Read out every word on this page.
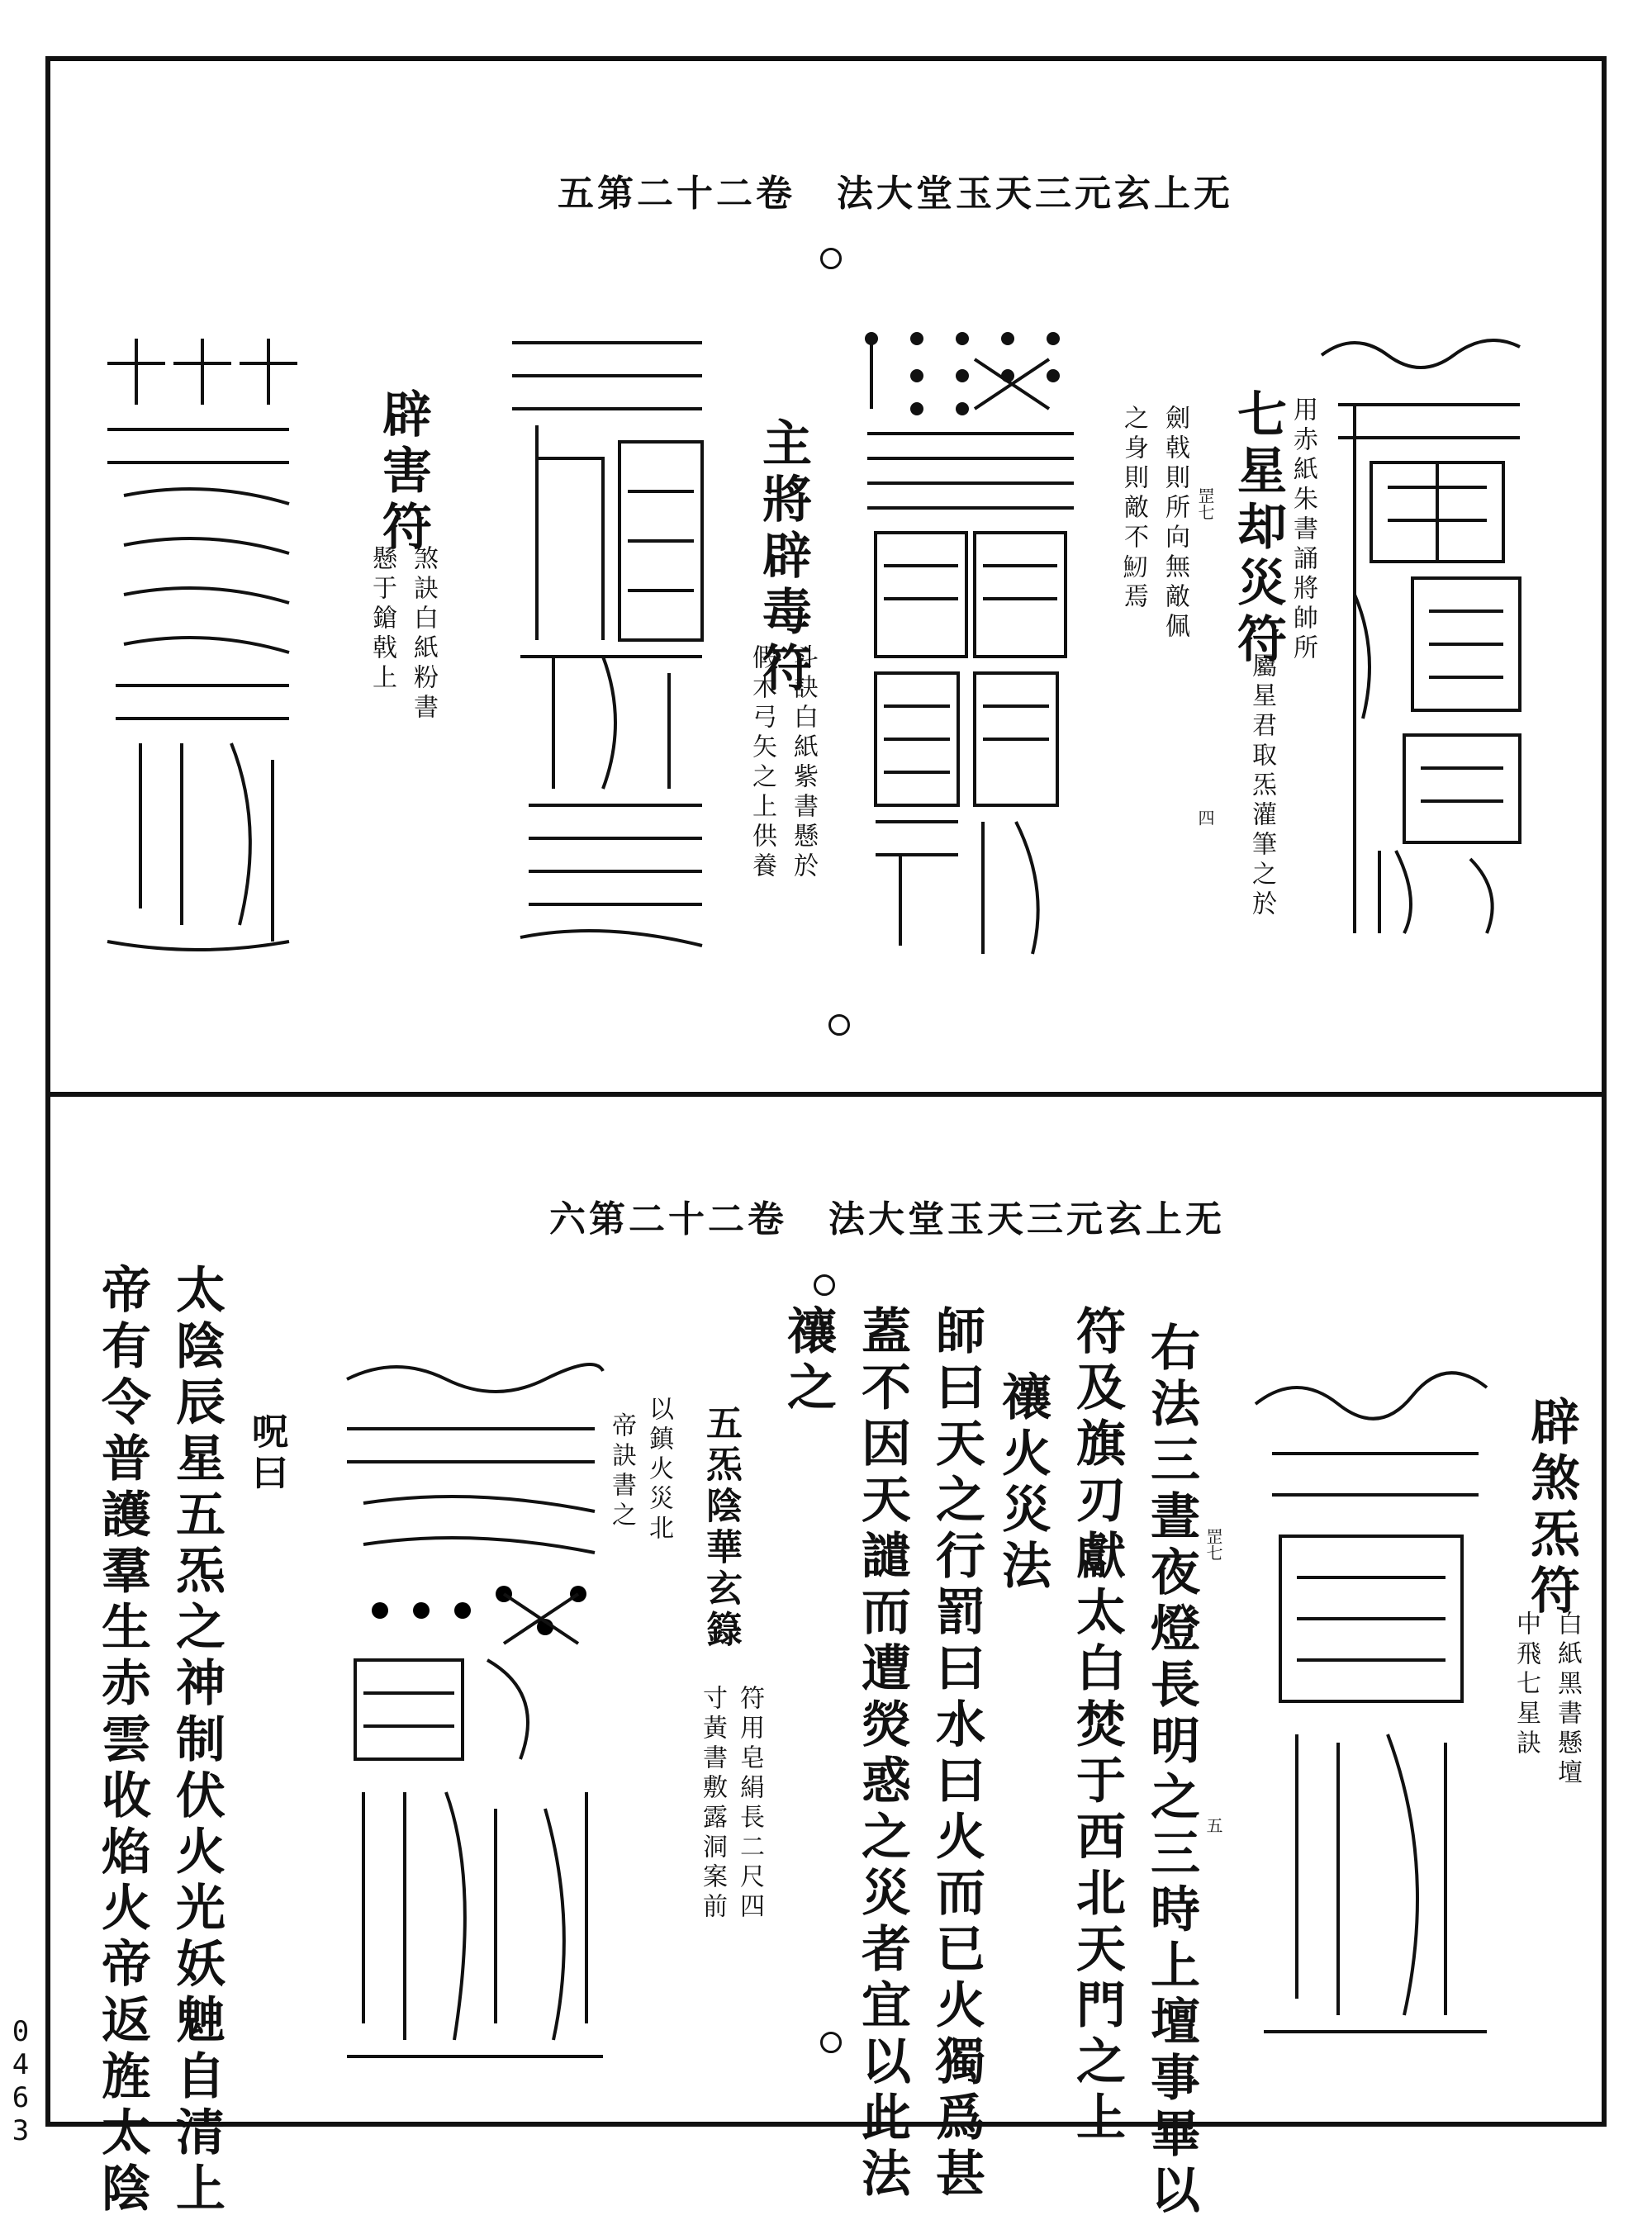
五第二十二卷 法大堂玉天三元玄上无
七星却災符 用赤紙朱書誦將帥所
屬星君取炁灌筆之於
四
罡七
劍戟則所向無敵佩
之身則敵不𩵕焉
主將辟毒符
斗訣白紙紫書懸於
假木弓矢之上供養
辟害符
煞訣白紙粉書
懸于鎗戟上
六第二十二卷 法大堂玉天三元玄上无
辟煞炁符
白紙黑書懸壇
中飛七星訣
右法三晝夜燈長明之三時上壇事畢以
符及旗刃獻太白焚于西北天門之上
禳火災法
師曰天之行罰曰水曰火而已火獨爲甚
蓋不因天譴而遭熒惑之災者宜以此法
禳之
罡七
五
五炁陰華玄籙
符用皂絹長二尺四
寸黃書敷露洞案前
以鎮火災北
帝訣書之
呪曰
太陰辰星五炁之神制伏火光妖䰠自清上
帝有令普護羣生赤雲收焰火帝返旌太陰
0
4
6
3
